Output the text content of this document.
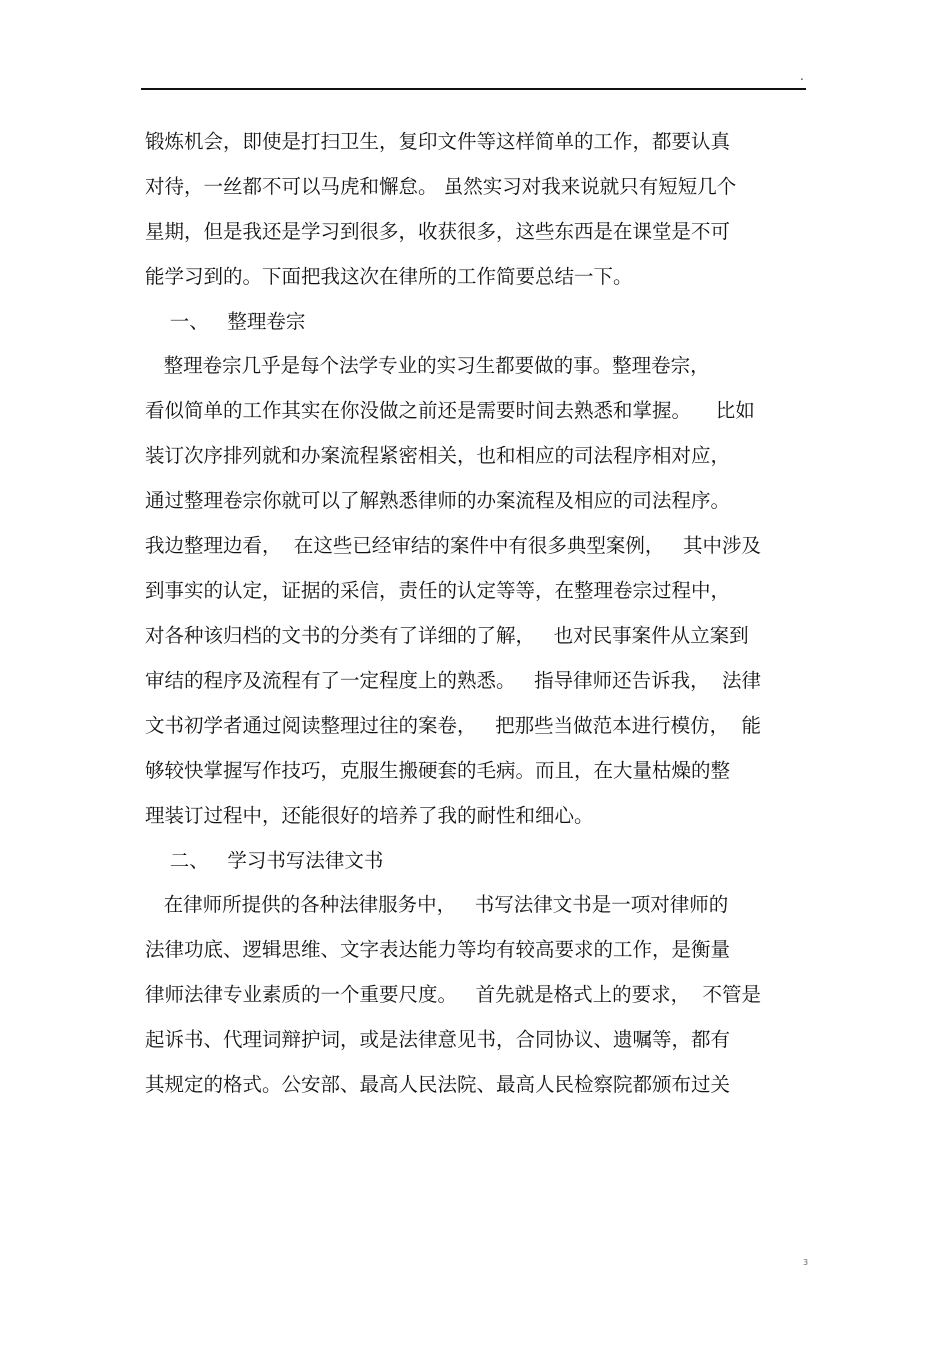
.
锻炼机会，即使是打扫卫生，复印文件等这样简单的工作，都要认真
对待，一丝都不可以马虎和懈怠。 虽然实习对我来说就只有短短几个
星期，但是我还是学习到很多，收获很多，这些东西是在课堂是不可
能学习到的。下面把我这次在律所的工作简要总结一下。
一、   整理卷宗
整理卷宗几乎是每个法学专业的实习生都要做的事。整理卷宗，
看似简单的工作其实在你没做之前还是需要时间去熟悉和掌握。    比如
装订次序排列就和办案流程紧密相关，也和相应的司法程序相对应，
通过整理卷宗你就可以了解熟悉律师的办案流程及相应的司法程序。
我边整理边看，  在这些已经审结的案件中有很多典型案例，   其中涉及
到事实的认定，证据的采信，责任的认定等等，在整理卷宗过程中，
对各种该归档的文书的分类有了详细的了解，   也对民事案件从立案到
审结的程序及流程有了一定程度上的熟悉。   指导律师还告诉我，  法律
文书初学者通过阅读整理过往的案卷，   把那些当做范本进行模仿，  能
够较快掌握写作技巧，克服生搬硬套的毛病。而且，在大量枯燥的整
理装订过程中，还能很好的培养了我的耐性和细心。
二、   学习书写法律文书
在律师所提供的各种法律服务中，   书写法律文书是一项对律师的
法律功底、逻辑思维、文字表达能力等均有较高要求的工作，是衡量
律师法律专业素质的一个重要尺度。   首先就是格式上的要求，  不管是
起诉书、代理词辩护词，或是法律意见书，合同协议、遗嘱等，都有
其规定的格式。公安部、最高人民法院、最高人民检察院都颁布过关
3
